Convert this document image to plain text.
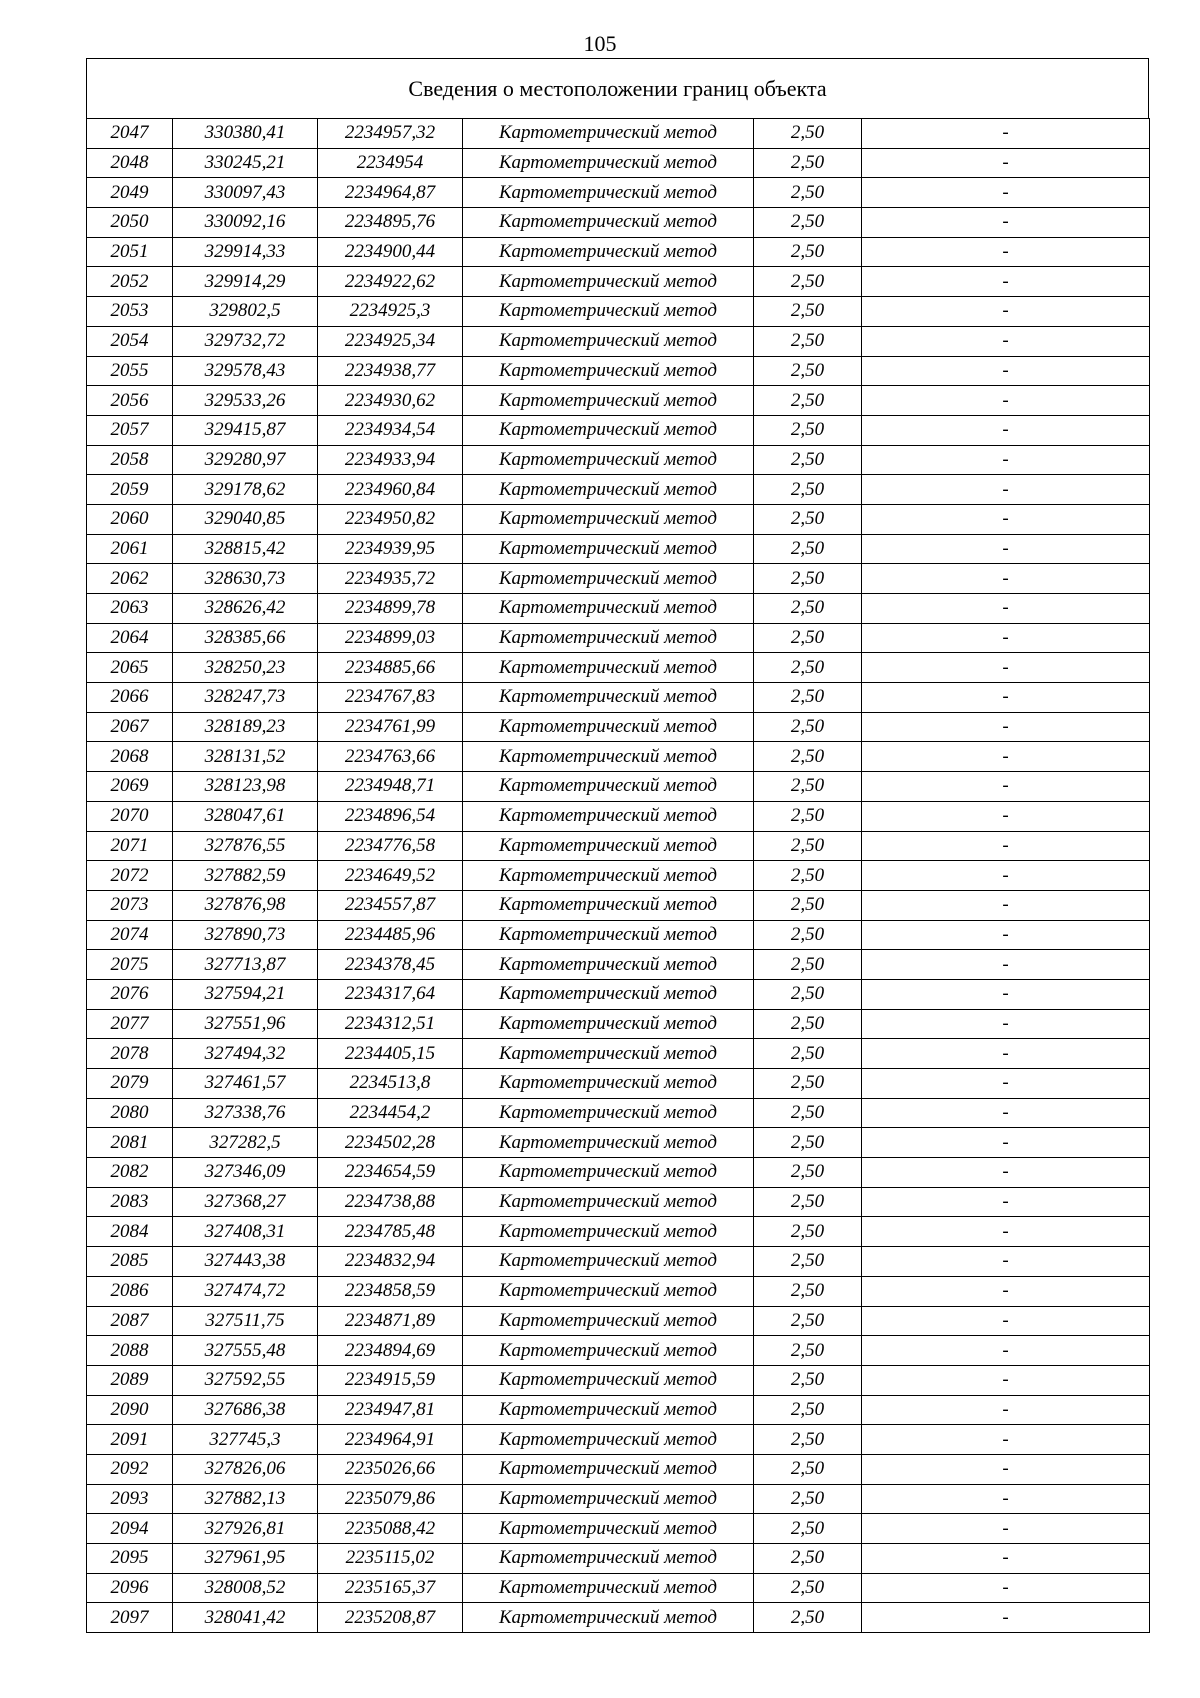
105
Сведения о местоположении границ объекта
2047	330380,41	2234957,32	Картометрический метод	2,50	-
2048	330245,21	2234954	Картометрический метод	2,50	-
2049	330097,43	2234964,87	Картометрический метод	2,50	-
2050	330092,16	2234895,76	Картометрический метод	2,50	-
2051	329914,33	2234900,44	Картометрический метод	2,50	-
2052	329914,29	2234922,62	Картометрический метод	2,50	-
2053	329802,5	2234925,3	Картометрический метод	2,50	-
2054	329732,72	2234925,34	Картометрический метод	2,50	-
2055	329578,43	2234938,77	Картометрический метод	2,50	-
2056	329533,26	2234930,62	Картометрический метод	2,50	-
2057	329415,87	2234934,54	Картометрический метод	2,50	-
2058	329280,97	2234933,94	Картометрический метод	2,50	-
2059	329178,62	2234960,84	Картометрический метод	2,50	-
2060	329040,85	2234950,82	Картометрический метод	2,50	-
2061	328815,42	2234939,95	Картометрический метод	2,50	-
2062	328630,73	2234935,72	Картометрический метод	2,50	-
2063	328626,42	2234899,78	Картометрический метод	2,50	-
2064	328385,66	2234899,03	Картометрический метод	2,50	-
2065	328250,23	2234885,66	Картометрический метод	2,50	-
2066	328247,73	2234767,83	Картометрический метод	2,50	-
2067	328189,23	2234761,99	Картометрический метод	2,50	-
2068	328131,52	2234763,66	Картометрический метод	2,50	-
2069	328123,98	2234948,71	Картометрический метод	2,50	-
2070	328047,61	2234896,54	Картометрический метод	2,50	-
2071	327876,55	2234776,58	Картометрический метод	2,50	-
2072	327882,59	2234649,52	Картометрический метод	2,50	-
2073	327876,98	2234557,87	Картометрический метод	2,50	-
2074	327890,73	2234485,96	Картометрический метод	2,50	-
2075	327713,87	2234378,45	Картометрический метод	2,50	-
2076	327594,21	2234317,64	Картометрический метод	2,50	-
2077	327551,96	2234312,51	Картометрический метод	2,50	-
2078	327494,32	2234405,15	Картометрический метод	2,50	-
2079	327461,57	2234513,8	Картометрический метод	2,50	-
2080	327338,76	2234454,2	Картометрический метод	2,50	-
2081	327282,5	2234502,28	Картометрический метод	2,50	-
2082	327346,09	2234654,59	Картометрический метод	2,50	-
2083	327368,27	2234738,88	Картометрический метод	2,50	-
2084	327408,31	2234785,48	Картометрический метод	2,50	-
2085	327443,38	2234832,94	Картометрический метод	2,50	-
2086	327474,72	2234858,59	Картометрический метод	2,50	-
2087	327511,75	2234871,89	Картометрический метод	2,50	-
2088	327555,48	2234894,69	Картометрический метод	2,50	-
2089	327592,55	2234915,59	Картометрический метод	2,50	-
2090	327686,38	2234947,81	Картометрический метод	2,50	-
2091	327745,3	2234964,91	Картометрический метод	2,50	-
2092	327826,06	2235026,66	Картометрический метод	2,50	-
2093	327882,13	2235079,86	Картометрический метод	2,50	-
2094	327926,81	2235088,42	Картометрический метод	2,50	-
2095	327961,95	2235115,02	Картометрический метод	2,50	-
2096	328008,52	2235165,37	Картометрический метод	2,50	-
2097	328041,42	2235208,87	Картометрический метод	2,50	-
